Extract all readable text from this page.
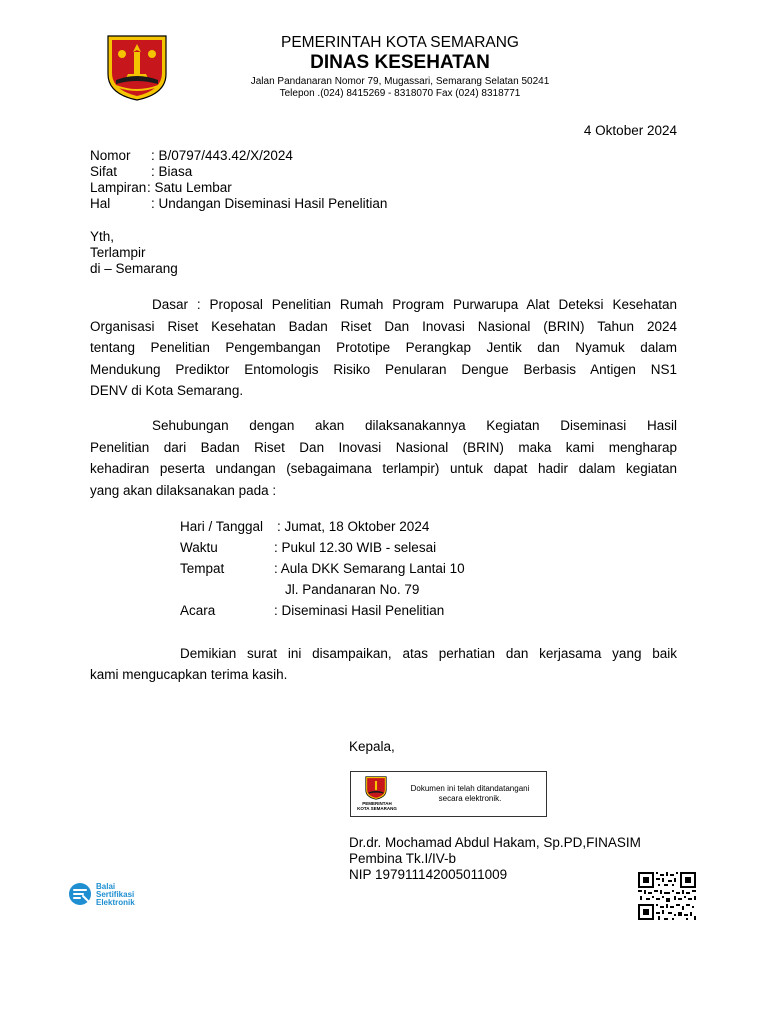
PEMERINTAH KOTA SEMARANG
DINAS KESEHATAN
Jalan Pandanaran Nomor 79, Mugassari, Semarang Selatan 50241
Telepon .(024) 8415269 - 8318070 Fax (024) 8318771
4 Oktober 2024
Nomor : B/0797/443.42/X/2024
Sifat	: Biasa
Lampiran : Satu Lembar
Hal	: Undangan Diseminasi Hasil Penelitian
Yth,
Terlampir
di – Semarang
Dasar : Proposal Penelitian Rumah Program Purwarupa Alat Deteksi Kesehatan
Organisasi Riset Kesehatan Badan Riset Dan Inovasi Nasional (BRIN) Tahun 2024
tentang Penelitian Pengembangan Prototipe Perangkap Jentik dan Nyamuk dalam
Mendukung Prediktor Entomologis Risiko Penularan Dengue Berbasis Antigen NS1
DENV di Kota Semarang.
Sehubungan dengan akan dilaksanakannya Kegiatan Diseminasi Hasil
Penelitian dari Badan Riset Dan Inovasi Nasional (BRIN) maka kami mengharap
kehadiran peserta undangan (sebagaimana terlampir) untuk dapat hadir dalam kegiatan
yang akan dilaksanakan pada :
Hari / Tanggal : Jumat, 18 Oktober 2024
Waktu	: Pukul 12.30 WIB - selesai
Tempat	: Aula DKK Semarang Lantai 10
Jl. Pandanaran No. 79
Acara	: Diseminasi Hasil Penelitian
Demikian surat ini disampaikan, atas perhatian dan kerjasama yang baik
kami mengucapkan terima kasih.
Kepala,
PEMERINTAH
KOTA SEMARANG
Dokumen ini telah ditandatangani
secara elektronik.
Dr.dr. Mochamad Abdul Hakam, Sp.PD,FINASIM
Pembina Tk.I/IV-b
NIP 197911142005011009
Balai
Sertifikasi
Elektronik
